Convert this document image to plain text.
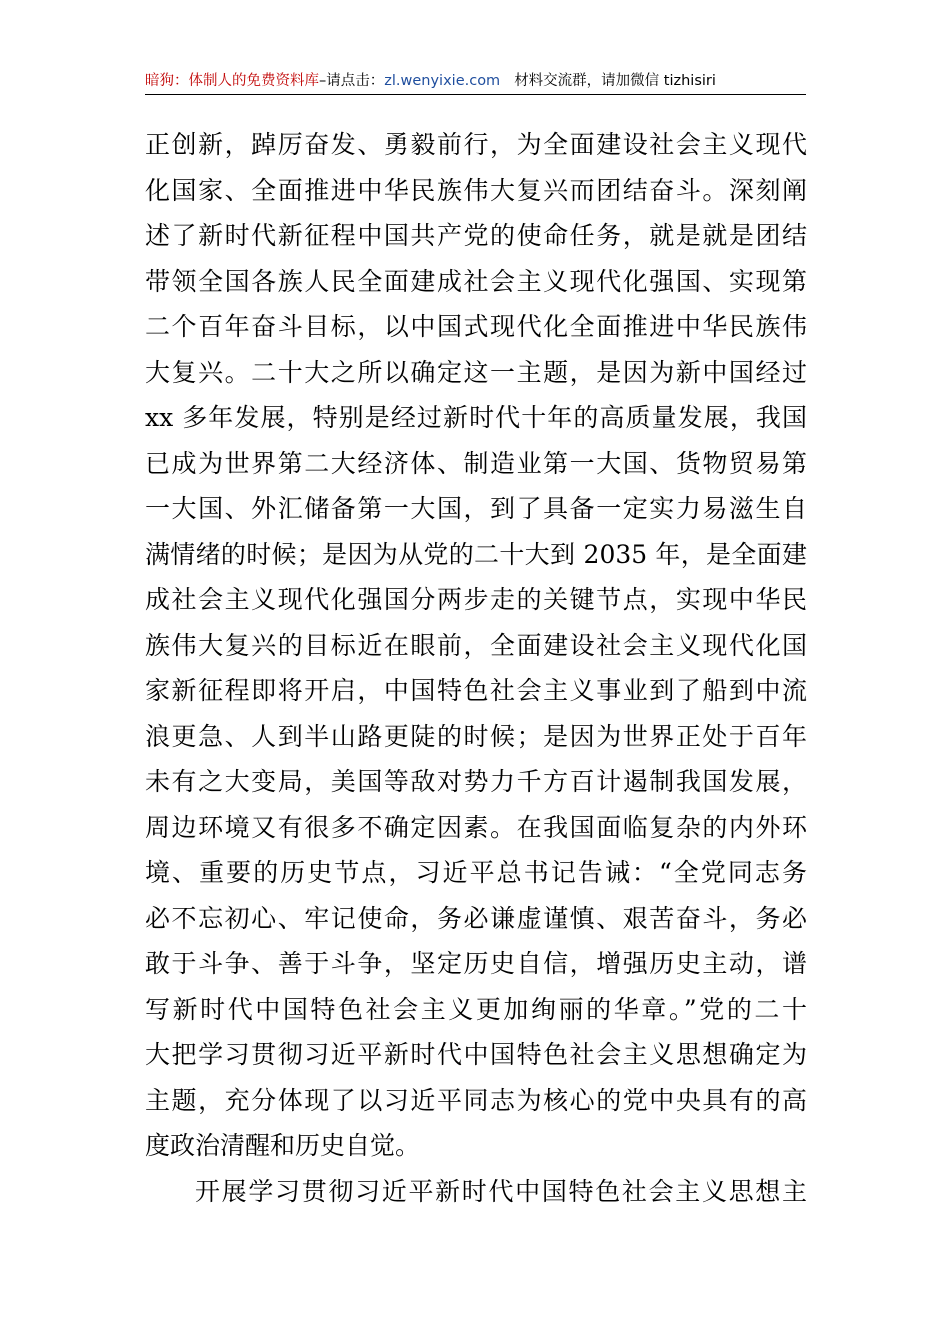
暗狗：体制人的免费资料库–请点击：zl.wenyixie.com 材料交流群，请加微信 tizhisiri
正创新，踔厉奋发、勇毅前行，为全面建设社会主义现代
化国家、全面推进中华民族伟大复兴而团结奋斗。深刻阐
述了新时代新征程中国共产党的使命任务，就是就是团结
带领全国各族人民全面建成社会主义现代化强国、实现第
二个百年奋斗目标，以中国式现代化全面推进中华民族伟
大复兴。二十大之所以确定这一主题，是因为新中国经过
xx 多年发展，特别是经过新时代十年的高质量发展，我国
已成为世界第二大经济体、制造业第一大国、货物贸易第
一大国、外汇储备第一大国，到了具备一定实力易滋生自
满情绪的时候；是因为从党的二十大到 2035 年，是全面建
成社会主义现代化强国分两步走的关键节点，实现中华民
族伟大复兴的目标近在眼前，全面建设社会主义现代化国
家新征程即将开启，中国特色社会主义事业到了船到中流
浪更急、人到半山路更陡的时候；是因为世界正处于百年
未有之大变局，美国等敌对势力千方百计遏制我国发展，
周边环境又有很多不确定因素。在我国面临复杂的内外环
境、重要的历史节点，习近平总书记告诫：“全党同志务
必不忘初心、牢记使命，务必谦虚谨慎、艰苦奋斗，务必
敢于斗争、善于斗争，坚定历史自信，增强历史主动，谱
写新时代中国特色社会主义更加绚丽的华章。”党的二十
大把学习贯彻习近平新时代中国特色社会主义思想确定为
主题，充分体现了以习近平同志为核心的党中央具有的高
度政治清醒和历史自觉。
开展学习贯彻习近平新时代中国特色社会主义思想主
